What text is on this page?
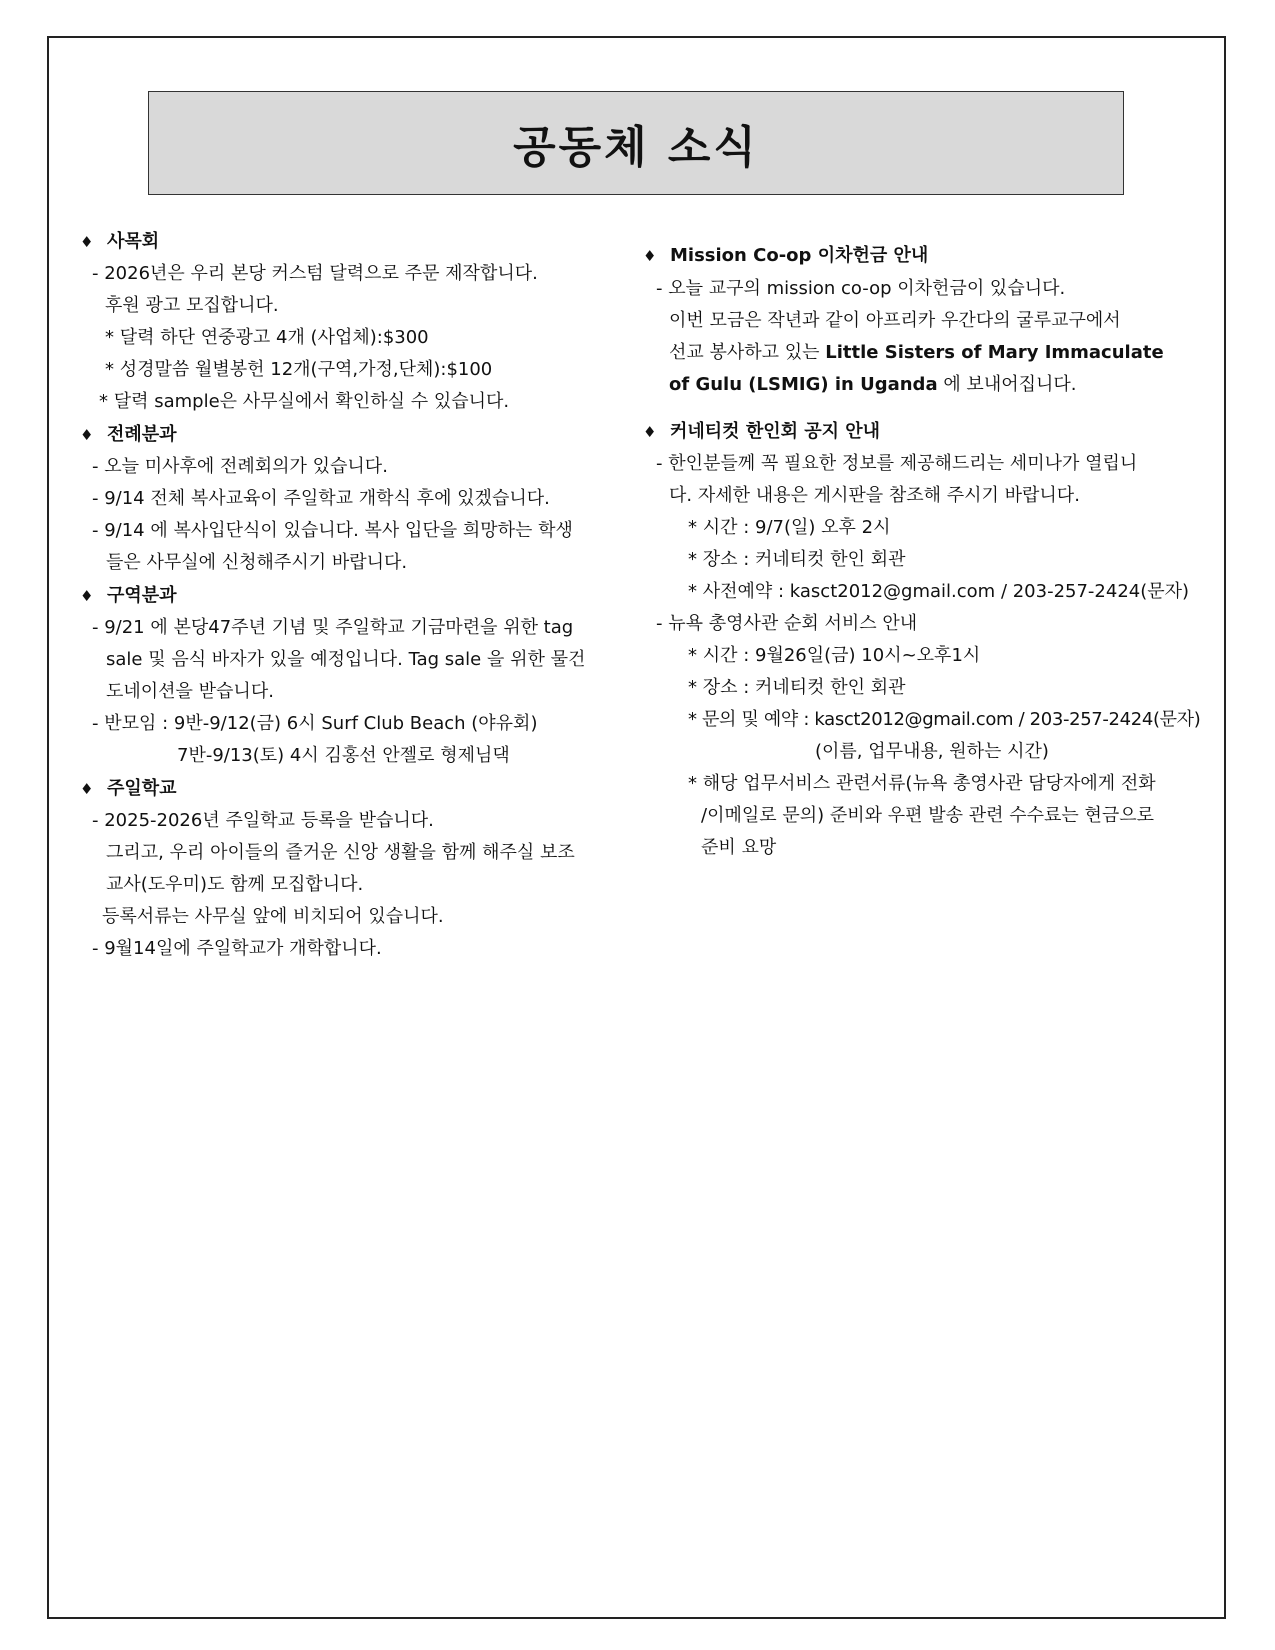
공동체 소식
♦ 사목회
- 2026년은 우리 본당 커스텀 달력으로 주문 제작합니다.
후원 광고 모집합니다.
* 달력 하단 연중광고 4개 (사업체):$300
* 성경말씀 월별봉헌 12개(구역,가정,단체):$100
* 달력 sample은 사무실에서 확인하실 수 있습니다.
♦ 전례분과
- 오늘 미사후에 전례회의가 있습니다.
- 9/14 전체 복사교육이 주일학교 개학식 후에 있겠습니다.
- 9/14 에 복사입단식이 있습니다. 복사 입단을 희망하는 학생
들은 사무실에 신청해주시기 바랍니다.
♦ 구역분과
- 9/21 에 본당47주년 기념 및 주일학교 기금마련을 위한 tag
sale 및 음식 바자가 있을 예정입니다. Tag sale 을 위한 물건
도네이션을 받습니다.
- 반모임 : 9반-9/12(금) 6시 Surf Club Beach (야유회)
7반-9/13(토) 4시 김홍선 안젤로 형제님댁
♦ 주일학교
- 2025-2026년 주일학교 등록을 받습니다.
그리고, 우리 아이들의 즐거운 신앙 생활을 함께 해주실 보조
교사(도우미)도 함께 모집합니다.
등록서류는 사무실 앞에 비치되어 있습니다.
- 9월14일에 주일학교가 개학합니다.
♦ Mission Co-op 이차헌금 안내
- 오늘 교구의 mission co-op 이차헌금이 있습니다.
이번 모금은 작년과 같이 아프리카 우간다의 굴루교구에서
선교 봉사하고 있는 Little Sisters of Mary Immaculate
of Gulu (LSMIG) in Uganda 에 보내어집니다.
♦ 커네티컷 한인회 공지 안내
- 한인분들께 꼭 필요한 정보를 제공해드리는 세미나가 열립니
다. 자세한 내용은 게시판을 참조해 주시기 바랍니다.
* 시간 : 9/7(일) 오후 2시
* 장소 : 커네티컷 한인 회관
* 사전예약 : kasct2012@gmail.com / 203-257-2424(문자)
- 뉴욕 총영사관 순회 서비스 안내
* 시간 : 9월26일(금) 10시~오후1시
* 장소 : 커네티컷 한인 회관
* 문의 및 예약 : kasct2012@gmail.com / 203-257-2424(문자)
(이름, 업무내용, 원하는 시간)
* 해당 업무서비스 관련서류(뉴욕 총영사관 담당자에게 전화
/이메일로 문의) 준비와 우편 발송 관련 수수료는 현금으로
준비 요망
